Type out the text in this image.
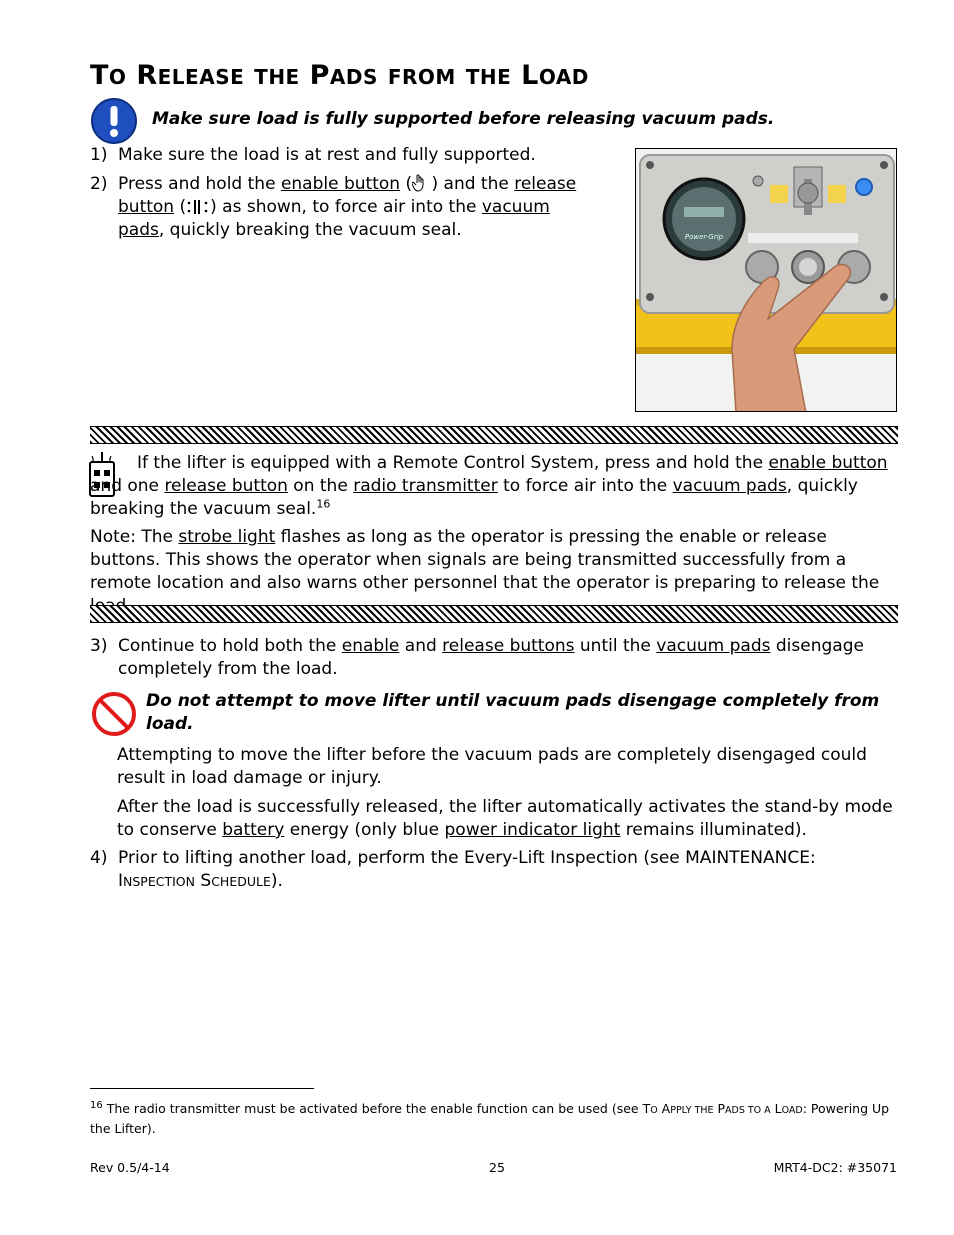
TO RELEASE THE PADS FROM THE LOAD
Make sure load is fully supported before releasing vacuum pads.
1) Make sure the load is at rest and fully supported.
2) Press and hold the enable button ( ) and the release button ( ) as shown, to force air into the vacuum pads, quickly breaking the vacuum seal.	Power-Grip
If the lifter is equipped with a Remote Control System, press and hold the enable button and one release button on the radio transmitter to force air into the vacuum pads, quickly breaking the vacuum seal.$^{16}$
Note: The strobe light flashes as long as the operator is pressing the enable or release buttons. This shows the operator when signals are being transmitted successfully from a remote location and also warns other personnel that the operator is preparing to release the
3) Continue to hold both the enable and release buttons until the vacuum pads disengage completely from the load.
Do not attempt to move lifter until vacuum pads disengage completely from load.
Attempting to move the lifter before the vacuum pads are completely disengaged could result in load damage or injury.
After the load is successfully released, the lifter automatically activates the stand-by mode to conserve battery energy (only blue power indicator light remains illuminated).
4) Prior to lifting another load, perform the Every-Lift Inspection (see MAINTENANCE: INSPECTION SCHEDULE).
$^{16}$ The radio transmitter must be activated before the enable function can be used (see TO APPLY THE PADS TO A LOAD: Powering Up the Lifter).
Rev 0.5/4-14	25	MRT4-DC2: #35071
